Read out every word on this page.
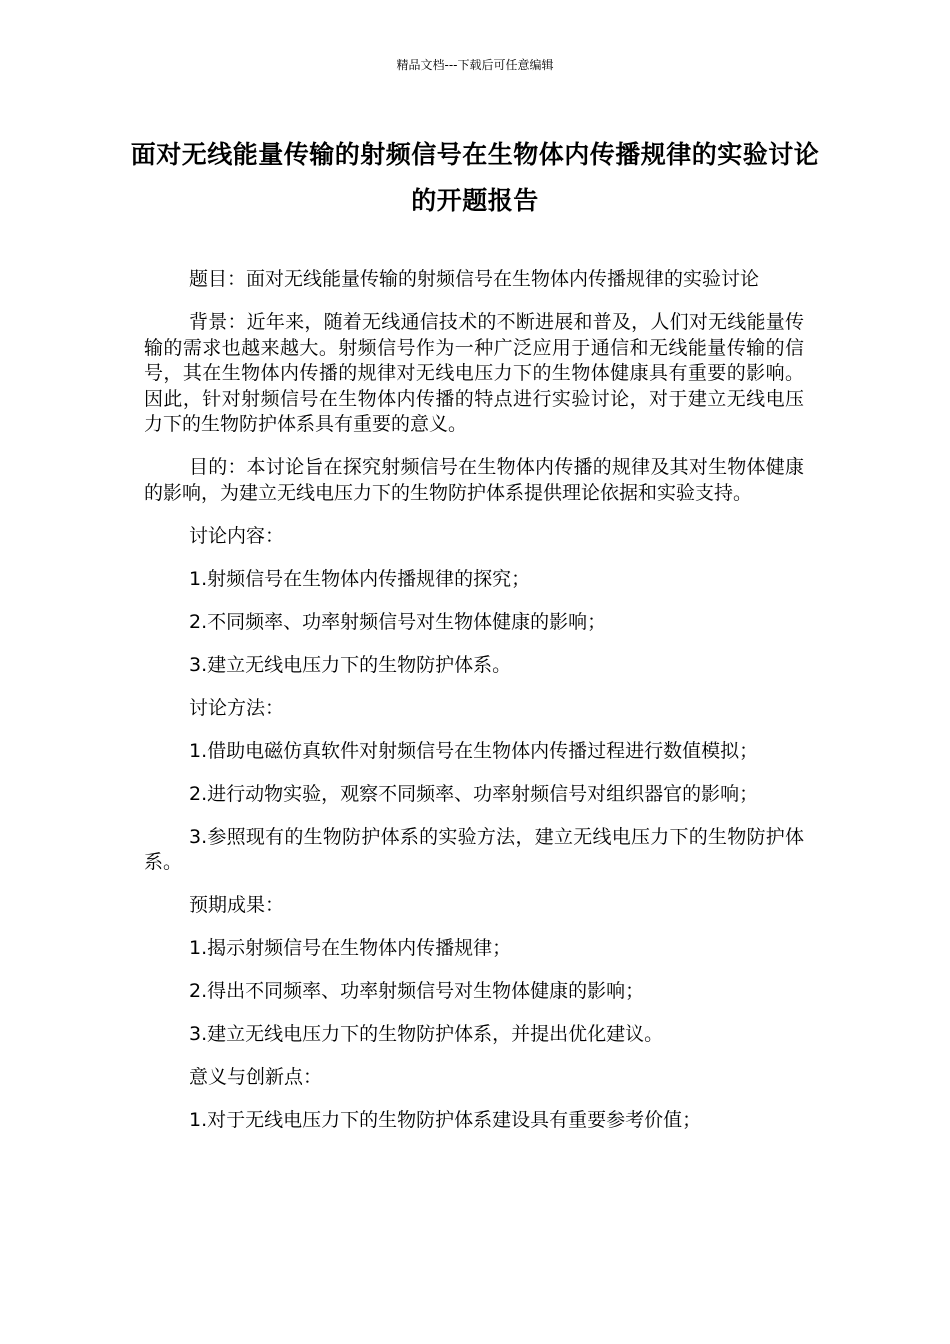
精品文档---下载后可任意编辑
面对无线能量传输的射频信号在生物体内传播规律的实验讨论的开题报告

题目：面对无线能量传输的射频信号在生物体内传播规律的实验讨论

背景：近年来，随着无线通信技术的不断进展和普及，人们对无线能量传输的需求也越来越大。射频信号作为一种广泛应用于通信和无线能量传输的信号，其在生物体内传播的规律对无线电压力下的生物体健康具有重要的影响。因此，针对射频信号在生物体内传播的特点进行实验讨论，对于建立无线电压力下的生物防护体系具有重要的意义。

目的：本讨论旨在探究射频信号在生物体内传播的规律及其对生物体健康的影响，为建立无线电压力下的生物防护体系提供理论依据和实验支持。

讨论内容：

1.射频信号在生物体内传播规律的探究；

2.不同频率、功率射频信号对生物体健康的影响；

3.建立无线电压力下的生物防护体系。

讨论方法：

1.借助电磁仿真软件对射频信号在生物体内传播过程进行数值模拟；

2.进行动物实验，观察不同频率、功率射频信号对组织器官的影响；

3.参照现有的生物防护体系的实验方法，建立无线电压力下的生物防护体系。

预期成果：

1.揭示射频信号在生物体内传播规律；

2.得出不同频率、功率射频信号对生物体健康的影响；

3.建立无线电压力下的生物防护体系，并提出优化建议。

意义与创新点：

1.对于无线电压力下的生物防护体系建设具有重要参考价值；
